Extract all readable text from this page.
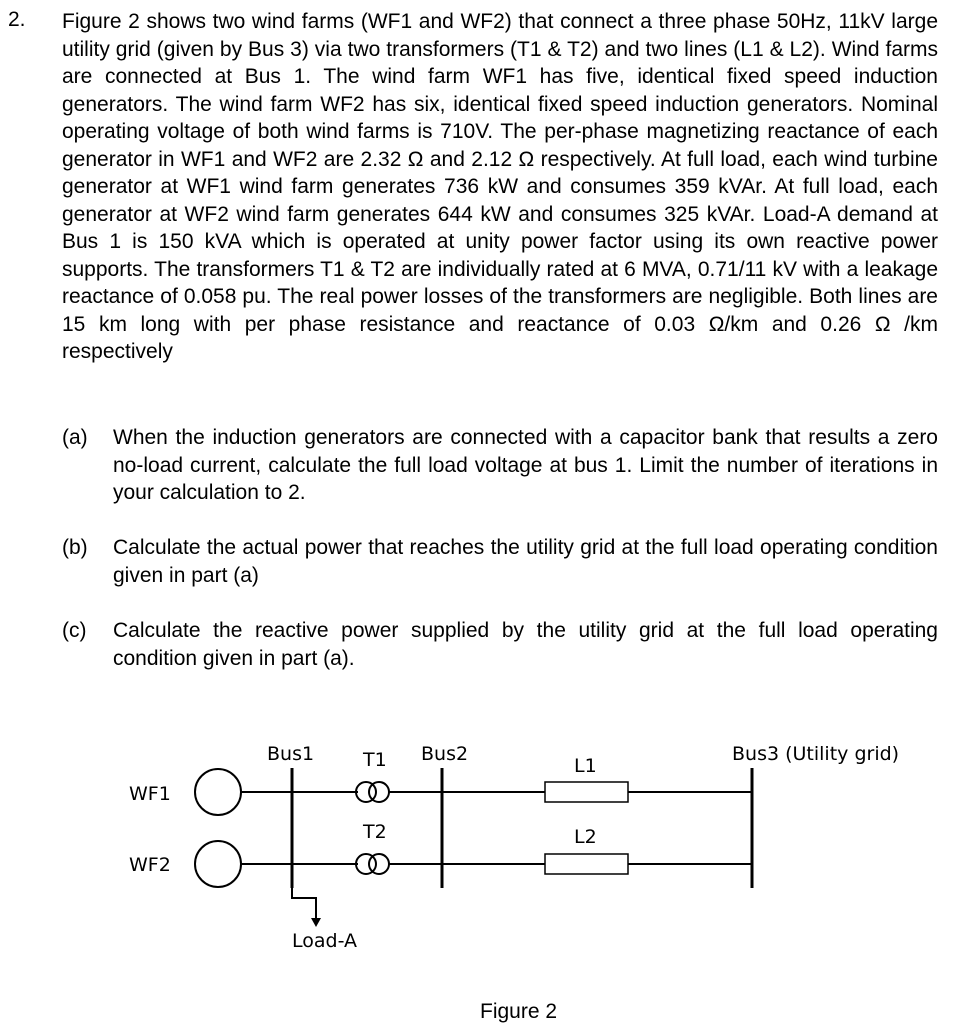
2. Figure 2 shows two wind farms (WF1 and WF2) that connect a three phase 50Hz, 11kV large utility grid (given by Bus 3) via two transformers (T1 & T2) and two lines (L1 & L2). Wind farms are connected at Bus 1. The wind farm WF1 has five, identical fixed speed induction generators. The wind farm WF2 has six, identical fixed speed induction generators. Nominal operating voltage of both wind farms is 710V. The per-phase magnetizing reactance of each generator in WF1 and WF2 are 2.32 Ω and 2.12 Ω respectively. At full load, each wind turbine generator at WF1 wind farm generates 736 kW and consumes 359 kVAr. At full load, each generator at WF2 wind farm generates 644 kW and consumes 325 kVAr. Load-A demand at Bus 1 is 150 kVA which is operated at unity power factor using its own reactive power supports. The transformers T1 & T2 are individually rated at 6 MVA, 0.71/11 kV with a leakage reactance of 0.058 pu. The real power losses of the transformers are negligible. Both lines are 15 km long with per phase resistance and reactance of 0.03 Ω/km and 0.26 Ω /km respectively
(a) When the induction generators are connected with a capacitor bank that results a zero no-load current, calculate the full load voltage at bus 1. Limit the number of iterations in your calculation to 2.
(b) Calculate the actual power that reaches the utility grid at the full load operating condition given in part (a)
(c) Calculate the reactive power supplied by the utility grid at the full load operating condition given in part (a).
Bus1	T1 Bus2
L1
Bus3 (Utility grid)
WF1
T2	L2
WF2
Load-A
Figure 2
